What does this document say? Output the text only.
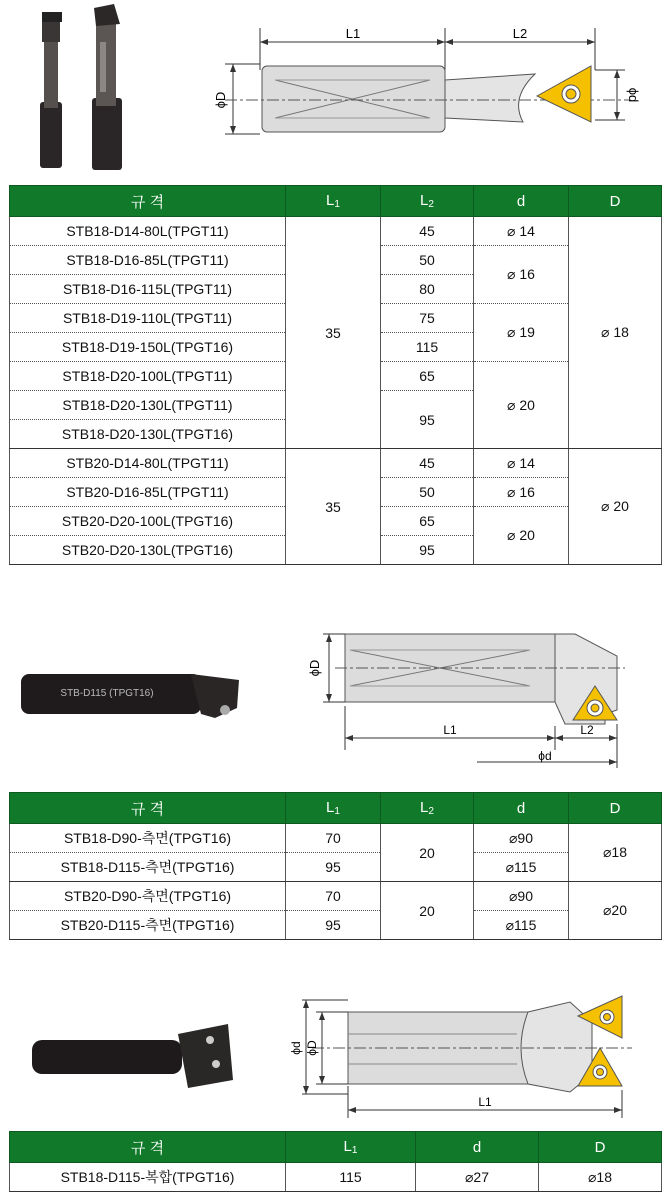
L1	L2
ϕD	ϕd
규 격	$L_1$	$L_2$	d	D
STB18-D14-80L(TPGT11)	35	45	⌀ 14	⌀ 18
STB18-D16-85L(TPGT11)		50	⌀ 16	
STB18-D16-115L(TPGT11)		80		
STB18-D19-110L(TPGT11)		75	⌀ 19	
STB18-D19-150L(TPGT16)		115		
STB18-D20-100L(TPGT11)		65	⌀ 20	
STB18-D20-130L(TPGT11)		95		
STB18-D20-130L(TPGT16)				
STB20-D14-80L(TPGT11)	35	45	⌀ 14	⌀ 20
STB20-D16-85L(TPGT11)		50	⌀ 16	
STB20-D20-100L(TPGT16)		65	⌀ 20	
STB20-D20-130L(TPGT16)		95		
STB-D115 (TPGT16)
ϕD
L1	L2
ϕd
규 격	$L_1$	$L_2$	d	D
STB18-D90-측면(TPGT16)	70	20	⌀90	⌀18
STB18-D115-측면(TPGT16)	95		⌀115	
STB20-D90-측면(TPGT16)	70	20	⌀90	⌀20
STB20-D115-측면(TPGT16)	95		⌀115	
ϕd ϕD
L1
규 격	$L_1$	d	D
STB18-D115-복합(TPGT16)	115	⌀27	⌀18
